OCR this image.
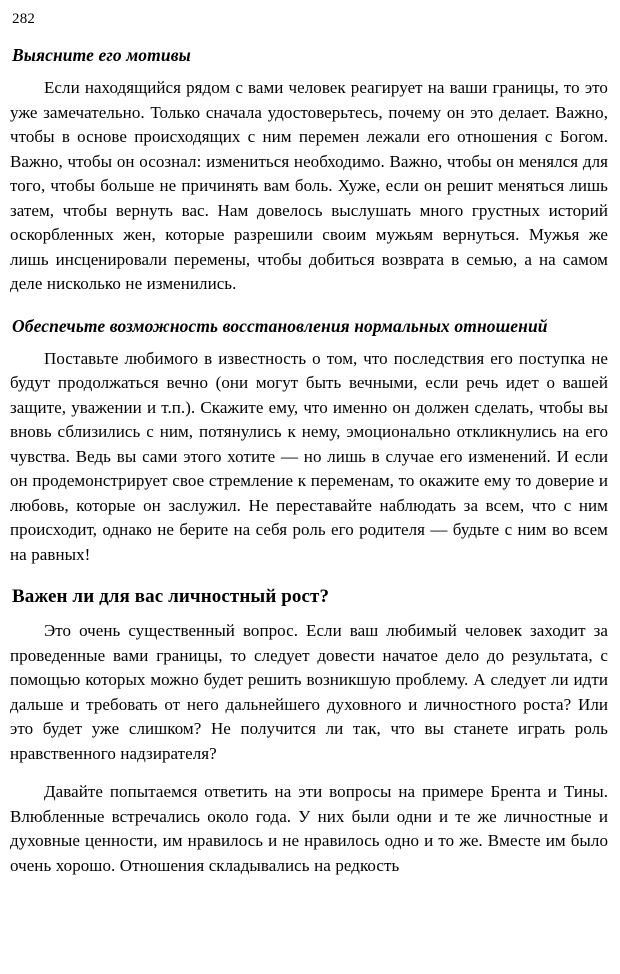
282
Выясните его мотивы

Если находящийся рядом с вами человек реагирует на ваши границы, то это уже замечательно. Только сначала удостоверьтесь, почему он это делает. Важно, чтобы в основе происходящих с ним перемен лежали его отношения с Богом. Важно, чтобы он осознал: измениться необходимо. Важно, чтобы он менялся для того, чтобы больше не причинять вам боль. Хуже, если он решит меняться лишь затем, чтобы вернуть вас. Нам довелось выслушать много грустных историй оскорбленных жен, которые разрешили своим мужьям вернуться. Мужья же лишь инсценировали перемены, чтобы добиться возврата в семью, а на самом деле нисколько не изменились.

Обеспечьте возможность восстановления нормальных отношений

Поставьте любимого в известность о том, что последствия его поступка не будут продолжаться вечно (они могут быть вечными, если речь идет о вашей защите, уважении и т.п.). Скажите ему, что именно он должен сделать, чтобы вы вновь сблизились с ним, потянулись к нему, эмоционально откликнулись на его чувства. Ведь вы сами этого хотите — но лишь в случае его изменений. И если он продемонстрирует свое стремление к переменам, то окажите ему то доверие и любовь, которые он заслужил. Не переставайте наблюдать за всем, что с ним происходит, однако не берите на себя роль его родителя — будьте с ним во всем на равных!

Важен ли для вас личностный рост?

Это очень существенный вопрос. Если ваш любимый человек заходит за проведенные вами границы, то следует довести начатое дело до результата, с помощью которых можно будет решить возникшую проблему. А следует ли идти дальше и требовать от него дальнейшего духовного и личностного роста? Или это будет уже слишком? Не получится ли так, что вы станете играть роль нравственного надзирателя?

Давайте попытаемся ответить на эти вопросы на примере Брента и Тины. Влюбленные встречались около года. У них были одни и те же личностные и духовные ценности, им нравилось и не нравилось одно и то же. Вместе им было очень хорошо. Отношения складывались на редкость
